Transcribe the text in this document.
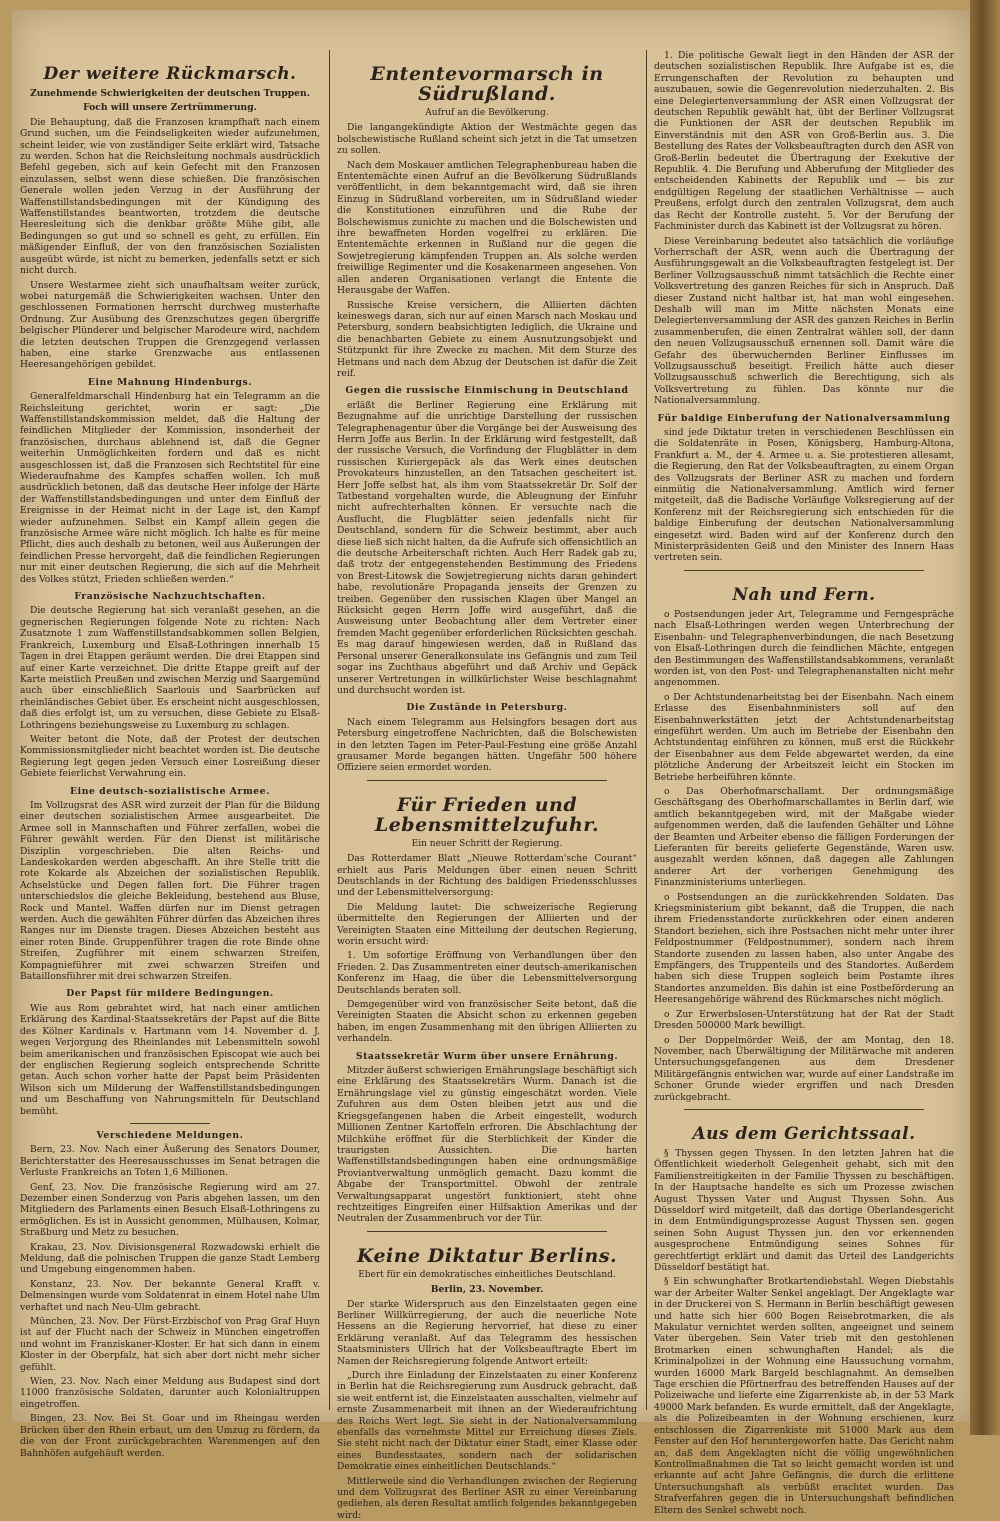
Der weitere Rückmarsch.
Zunehmende Schwierigkeiten der deutschen Truppen.
Foch will unsere Zertrümmerung.

Die Behauptung, daß die Franzosen krampfhaft nach einem Grund suchen, um die Feindseligkeiten wieder aufzunehmen, scheint leider, wie von zuständiger Seite erklärt wird, Tatsache zu werden. Schon hat die Reichsleitung nochmals ausdrücklich Befehl gegeben, sich auf kein Gefecht mit den Franzosen einzulassen, selbst wenn diese schießen. Die französischen Generale wollen jeden Verzug in der Ausführung der Waffenstillstandsbedingungen mit der Kündigung des Waffenstillstandes beantworten, trotzdem die deutsche Heeresleitung sich die denkbar größte Mühe gibt, alle Bedingungen so gut und so schnell es geht, zu erfüllen. Ein mäßigender Einfluß, der von den französischen Sozialisten ausgeübt würde, ist nicht zu bemerken, jedenfalls setzt er sich nicht durch.

Unsere Westarmee zieht sich unaufhaltsam weiter zurück, wobei naturgemäß die Schwierigkeiten wachsen. Unter den geschlossenen Formationen herrscht durchweg musterhafte Ordnung. Zur Ausübung des Grenzschutzes gegen übergriffe belgischer Plünderer und belgischer Marodeure wird, nachdem die letzten deutschen Truppen die Grenzgegend verlassen haben, eine starke Grenzwache aus entlassenen Heeresangehörigen gebildet.

Eine Mahnung Hindenburgs.

Generalfeldmarschall Hindenburg hat ein Telegramm an die Reichsleitung gerichtet, worin er sagt: „Die Waffenstillstandskommission meldet, daß die Haltung der feindlichen Mitglieder der Kommission, insonderheit der französischen, durchaus ablehnend ist, daß die Gegner weiterhin Unmöglichkeiten fordern und daß es nicht ausgeschlossen ist, daß die Franzosen sich Rechtstitel für eine Wiederaufnahme des Kampfes schaffen wollen. Ich muß ausdrücklich betonen, daß das deutsche Heer infolge der Härte der Waffenstillstandsbedingungen und unter dem Einfluß der Ereignisse in der Heimat nicht in der Lage ist, den Kampf wieder aufzunehmen. Selbst ein Kampf allein gegen die französische Armee wäre nicht möglich. Ich halte es für meine Pflicht, dies auch deshalb zu betonen, weil aus Äußerungen der feindlichen Presse hervorgeht, daß die feindlichen Regierungen nur mit einer deutschen Regierung, die sich auf die Mehrheit des Volkes stützt, Frieden schließen werden.“

Französische Nachzuchtschaften.

Die deutsche Regierung hat sich veranlaßt gesehen, an die gegnerischen Regierungen folgende Note zu richten: Nach Zusatznote 1 zum Waffenstillstandsabkommen sollen Belgien, Frankreich, Luxemburg und Elsaß-Lothringen innerhalb 15 Tagen in drei Etappen geräumt werden. Die drei Etappen sind auf einer Karte verzeichnet. Die dritte Etappe greift auf der Karte meistlich Preußen und zwischen Merzig und Saargemünd auch über einschließlich Saarlouis und Saarbrücken auf rheinländisches Gebiet über. Es erscheint nicht ausgeschlossen, daß dies erfolgt ist, um zu versuchen, diese Gebiete zu Elsaß-Lothringens beziehungsweise zu Luxemburg zu schlagen.

Weiter betont die Note, daß der Protest der deutschen Kommissionsmitglieder nicht beachtet worden ist. Die deutsche Regierung legt gegen jeden Versuch einer Losreißung dieser Gebiete feierlichst Verwahrung ein.

Eine deutsch-sozialistische Armee.

Im Vollzugsrat des ASR wird zurzeit der Plan für die Bildung einer deutschen sozialistischen Armee ausgearbeitet. Die Armee soll in Mannschaften und Führer zerfallen, wobei die Führer gewählt werden. Für den Dienst ist militärische Disziplin vorgeschrieben. Die alten Reichs- und Landeskokarden werden abgeschafft. An ihre Stelle tritt die rote Kokarde als Abzeichen der sozialistischen Republik. Achselstücke und Degen fallen fort. Die Führer tragen unterschiedslos die gleiche Bekleidung, bestehend aus Bluse, Rock und Mantel. Waffen dürfen nur im Dienst getragen werden. Auch die gewählten Führer dürfen das Abzeichen ihres Ranges nur im Dienste tragen. Dieses Abzeichen besteht aus einer roten Binde. Gruppenführer tragen die rote Binde ohne Streifen, Zugführer mit einem schwarzen Streifen, Kompagnieführer mit zwei schwarzen Streifen und Bataillonsführer mit drei schwarzen Streifen.

Der Papst für mildere Bedingungen.

Wie aus Rom gebrahtet wird, hat nach einer amtlichen Erklärung des Kardinal-Staatssekretärs der Papst auf die Bitte des Kölner Kardinals v. Hartmann vom 14. November d. J. wegen Verjorgung des Rheinlandes mit Lebensmitteln sowohl beim amerikanischen und französischen Episcopat wie auch bei der englischen Regierung sogleich entsprechende Schritte getan. Auch schon vorher hatte der Papst beim Präsidenten Wilson sich um Milderung der Waffenstillstandsbedingungen und um Beschaffung von Nahrungsmitteln für Deutschland bemüht.

Verschiedene Meldungen.

Bern, 23. Nov. Nach einer Äußerung des Senators Doumer, Berichterstatter des Heeresausschusses im Senat betragen die Verluste Frankreichs an Toten 1,6 Millionen.

Genf, 23. Nov. Die französische Regierung wird am 27. Dezember einen Sonderzug von Paris abgehen lassen, um den Mitgliedern des Parlaments einen Besuch Elsaß-Lothringens zu ermöglichen. Es ist in Aussicht genommen, Mülhausen, Kolmar, Straßburg und Metz zu besuchen.

Krakau, 23. Nov. Divisionsgeneral Rozwadowski erhielt die Meldung, daß die polnischen Truppen die ganze Stadt Lemberg und Umgebung eingenommen haben.

Konstanz, 23. Nov. Der bekannte General Krafft v. Delmensingen wurde vom Soldatenrat in einem Hotel nahe Ulm verhaftet und nach Neu-Ulm gebracht.

München, 23. Nov. Der Fürst-Erzbischof von Prag Graf Huyn ist auf der Flucht nach der Schweiz in München eingetroffen und wohnt im Franziskaner-Kloster. Er hat sich dann in einem Kloster in der Oberpfalz, hat sich aber dort nicht mehr sicher gefühlt.

Wien, 23. Nov. Nach einer Meldung aus Budapest sind dort 11000 französische Soldaten, darunter auch Kolonialtruppen eingetroffen.

Bingen, 23. Nov. Bei St. Goar und im Rheingau werden Brücken über den Rhein erbaut, um den Umzug zu fördern, da die von der Front zurückgebrachten Warenmengen auf den Bahnhöfen aufgehäuft werden.

Ententevormarsch in Südrußland.
Aufruf an die Bevölkerung.

Die langangekündigte Aktion der Westmächte gegen das bolschewistische Rußland scheint sich jetzt in die Tat umsetzen zu sollen.

Nach dem Moskauer amtlichen Telegraphenbureau haben die Ententemächte einen Aufruf an die Bevölkerung Südrußlands veröffentlicht, in dem bekanntgemacht wird, daß sie ihren Einzug in Südrußland vorbereiten, um in Südrußland wieder die Konstitutionen einzuführen und die Ruhe der Bolschewismus zunichte zu machen und die Bolschewisten und ihre bewaffneten Horden vogelfrei zu erklären. Die Ententemächte erkennen in Rußland nur die gegen die Sowjetregierung kämpfenden Truppen an. Als solche werden freiwillige Regimenter und die Kosakenarmeen angesehen. Von allen anderen Organisationen verlangt die Entente die Herausgabe der Waffen.

Russische Kreise versichern, die Alliierten dächten keineswegs daran, sich nur auf einen Marsch nach Moskau und Petersburg, sondern beabsichtigten lediglich, die Ukraine und die benachbarten Gebiete zu einem Ausnutzungsobjekt und Stützpunkt für ihre Zwecke zu machen. Mit dem Sturze des Hetmans und nach dem Abzug der Deutschen ist dafür die Zeit reif.

Gegen die russische Einmischung in Deutschland

erläßt die Berliner Regierung eine Erklärung mit Bezugnahme auf die unrichtige Darstellung der russischen Telegraphenagentur über die Vorgänge bei der Ausweisung des Herrn Joffe aus Berlin. In der Erklärung wird festgestellt, daß der russische Versuch, die Vorfindung der Flugblätter in dem russischen Kuriergepäck als das Werk eines deutschen Provokateurs hinzustellen, an den Tatsachen gescheitert ist. Herr Joffe selbst hat, als ihm vom Staatssekretär Dr. Solf der Tatbestand vorgehalten wurde, die Ableugnung der Einfuhr nicht aufrechterhalten können. Er versuchte nach die Ausflucht, die Flugblätter seien jedenfalls nicht für Deutschland, sondern für die Schweiz bestimmt, aber auch diese ließ sich nicht halten, da die Aufrufe sich offensichtlich an die deutsche Arbeiterschaft richten. Auch Herr Radek gab zu, daß trotz der entgegenstehenden Bestimmung des Friedens von Brest-Litowsk die Sowjetregierung nichts daran gehindert habe, revolutionäre Propaganda jenseits der Grenzen zu treiben. Gegenüber den russischen Klagen über Mangel an Rücksicht gegen Herrn Joffe wird ausgeführt, daß die Ausweisung unter Beobachtung aller dem Vertreter einer fremden Macht gegenüber erforderlichen Rücksichten geschah. Es mag darauf hingewiesen werden, daß in Rußland das Personal unserer Generalkonsulate ins Gefängnis und zum Teil sogar ins Zuchthaus abgeführt und daß Archiv und Gepäck unserer Vertretungen in willkürlichster Weise beschlagnahmt und durchsucht worden ist.

Die Zustände in Petersburg.

Nach einem Telegramm aus Helsingfors besagen dort aus Petersburg eingetroffene Nachrichten, daß die Bolschewisten in den letzten Tagen im Peter-Paul-Festung eine größe Anzahl grausamer Morde begangen hätten. Ungefähr 500 höhere Offiziere seien ermordet worden.

Für Frieden und Lebensmittelzufuhr.
Ein neuer Schritt der Regierung.

Das Rotterdamer Blatt „Nieuwe Rotterdam'sche Courant“ erhielt aus Paris Meldungen über einen neuen Schritt Deutschlands in der Richtung des baldigen Friedensschlusses und der Lebensmittelversorgung:

Die Meldung lautet: Die schweizerische Regierung übermittelte den Regierungen der Alliierten und der Vereinigten Staaten eine Mitteilung der deutschen Regierung, worin ersucht wird:

1. Um sofortige Eröffnung von Verhandlungen über den Frieden. 2. Das Zusammentreten einer deutsch-amerikanischen Konferenz im Haag, die über die Lebensmittelversorgung Deutschlands beraten soll.

Demgegenüber wird von französischer Seite betont, daß die Vereinigten Staaten die Absicht schon zu erkennen gegeben haben, im engen Zusammenhang mit den übrigen Alliierten zu verhandeln.

Staatssekretär Wurm über unsere Ernährung.

Mitzder äußerst schwierigen Ernährungslage beschäftigt sich eine Erklärung des Staatssekretärs Wurm. Danach ist die Ernährungslage viel zu günstig eingeschätzt worden. Viele Zufuhren aus dem Osten bleiben jetzt aus und die Kriegsgefangenen haben die Arbeit eingestellt, wodurch Millionen Zentner Kartoffeln erfroren. Die Abschlachtung der Milchkühe eröffnet für die Sterblichkeit der Kinder die traurigsten Aussichten. Die harten Waffenstillstandsbedingungen haben eine ordnungsmäßige Proviantverwaltung unmöglich gemacht. Dazu kommt die Abgabe der Transportmittel. Obwohl der zentrale Verwaltungsapparat ungestört funktioniert, steht ohne rechtzeitiges Eingreifen einer Hilfsaktion Amerikas und der Neutralen der Zusammenbruch vor der Tür.

Keine Diktatur Berlins.
Ebert für ein demokratisches einheitliches Deutschland.
Berlin, 23. November.

Der starke Widerspruch aus den Einzelstaaten gegen eine Berliner Willkürregierung, der auch die neuerliche Note Hessens an die Regierung hervorrief, hat diese zu einer Erklärung veranlaßt. Auf das Telegramm des hessischen Staatsministers Ullrich hat der Volksbeauftragte Ebert im Namen der Reichsregierung folgende Antwort erteilt:

„Durch ihre Einladung der Einzelstaaten zu einer Konferenz in Berlin hat die Reichsregierung zum Ausdruck gebracht, daß sie weit entfernt ist, die Einzelstaaten ausschalten, vielmehr auf ernste Zusammenarbeit mit ihnen an der Wiederaufrichtung des Reichs Wert legt. Sie sieht in der Nationalversammlung ebenfalls das vornehmste Mittel zur Erreichung dieses Ziels. Sie steht nicht nach der Diktatur einer Stadt, einer Klasse oder eines Bundesstaates, sondern nach der solidarischen Demokratie eines einheitlichen Deutschlands.“

Mittlerweile sind die Verhandlungen zwischen der Regierung und dem Vollzugsrat des Berliner ASR zu einer Vereinbarung gediehen, als deren Resultat amtlich folgendes bekanntgegeben wird:

1. Die politische Gewalt liegt in den Händen der ASR der deutschen sozialistischen Republik. Ihre Aufgabe ist es, die Errungenschaften der Revolution zu behaupten und auszubauen, sowie die Gegenrevolution niederzuhalten. 2. Bis eine Delegiertenversammlung der ASR einen Vollzugsrat der deutschen Republik gewählt hat, übt der Berliner Vollzugsrat die Funktionen der ASR der deutschen Republik im Einverständnis mit den ASR von Groß-Berlin aus. 3. Die Bestellung des Rates der Volksbeauftragten durch den ASR von Groß-Berlin bedeutet die Übertragung der Exekutive der Republik. 4. Die Berufung und Abberufung der Mitglieder des entscheidenden Kabinetts der Republik und — bis zur endgültigen Regelung der staatlichen Verhältnisse — auch Preußens, erfolgt durch den zentralen Vollzugsrat, dem auch das Recht der Kontrolle zusteht. 5. Vor der Berufung der Fachminister durch das Kabinett ist der Vollzugsrat zu hören.

Diese Vereinbarung bedeutet also tatsächlich die vorläufige Vorherrschaft der ASR, wenn auch die Übertragung der Ausführungsgewalt an die Volksbeauftragten festgelegt ist. Der Berliner Vollzugsausschuß nimmt tatsächlich die Rechte einer Volksvertretung des ganzen Reiches für sich in Anspruch. Daß dieser Zustand nicht haltbar ist, hat man wohl eingesehen. Deshalb will man im Mitte nächsten Monats eine Delegiertenversammlung der ASR des ganzen Reiches in Berlin zusammenberufen, die einen Zentralrat wählen soll, der dann den neuen Vollzugsausschuß ernennen soll. Damit wäre die Gefahr des überwuchernden Berliner Einflusses im Vollzugsausschuß beseitigt. Freilich hätte auch dieser Vollzugsausschuß schwerlich die Berechtigung, sich als Volksvertretung zu fühlen. Das könnte nur die Nationalversammlung.

Für baldige Einberufung der Nationalversammlung

sind jede Diktatur treten in verschiedenen Beschlüssen ein die Soldatenräte in Posen, Königsberg, Hamburg-Altona, Frankfurt a. M., der 4. Armee u. a. Sie protestieren allesamt, die Regierung, den Rat der Volksbeauftragten, zu einem Organ des Vollzugsrats der Berliner ASR zu machen und fordern einmütig die Nationalversammlung. Amtlich wird ferner mitgeteilt, daß die Badische Vorläufige Volksregierung auf der Konferenz mit der Reichsregierung sich entschieden für die baldige Einberufung der deutschen Nationalversammlung eingesetzt wird. Baden wird auf der Konferenz durch den Ministerpräsidenten Geiß und den Minister des Innern Haas vertreten sein.

Nah und Fern.

o Postsendungen jeder Art, Telegramme und Ferngespräche nach Elsaß-Lothringen werden wegen Unterbrechung der Eisenbahn- und Telegraphenverbindungen, die nach Besetzung von Elsaß-Lothringen durch die feindlichen Mächte, entgegen den Bestimmungen des Waffenstillstandsabkommens, veranlaßt worden ist, von den Post- und Telegraphenanstalten nicht mehr angenommen.

o Der Achtstundenarbeitstag bei der Eisenbahn. Nach einem Erlasse des Eisenbahnministers soll auf den Eisenbahnwerkstätten jetzt der Achtstundenarbeitstag eingeführt werden. Um auch im Betriebe der Eisenbahn den Achtstundentag einführen zu können, muß erst die Rückkehr der Eisenbahner aus dem Felde abgewartet werden, da eine plötzliche Änderung der Arbeitszeit leicht ein Stocken im Betriebe herbeiführen könnte.

o Das Oberhofmarschallamt. Der ordnungsmäßige Geschäftsgang des Oberhofmarschallamtes in Berlin darf, wie amtlich bekanntgegeben wird, mit der Maßgabe wieder aufgenommen werden, daß die laufenden Gehälter und Löhne der Beamten und Arbeiter ebenso die fälligen Forderungen der Lieferanten für bereits gelieferte Gegenstände, Waren usw. ausgezahlt werden können, daß dagegen alle Zahlungen anderer Art der vorherigen Genehmigung des Finanzministeriums unterliegen.

o Postsendungen an die zurückkehrenden Soldaten. Das Kriegsministerium gibt bekannt, daß die Truppen, die nach ihrem Friedensstandorte zurückkehren oder einen anderen Standort beziehen, sich ihre Postsachen nicht mehr unter ihrer Feldpostnummer (Feldpostnummer), sondern nach ihrem Standorte zusenden zu lassen haben, also unter Angabe des Empfängers, des Truppenteils und des Standortes. Außerdem haben sich diese Truppen sogleich beim Postamte ihres Standortes anzumelden. Bis dahin ist eine Postbeförderung an Heeresangehörige während des Rückmarsches nicht möglich.

o Zur Erwerbslosen-Unterstützung hat der Rat der Stadt Dresden 500000 Mark bewilligt.

o Der Doppelmörder Weiß, der am Montag, den 18. November, nach Überwältigung der Militärwache mit anderen Untersuchungsgefangenen aus dem Dresdener Militärgefängnis entwichen war, wurde auf einer Landstraße im Schoner Grunde wieder ergriffen und nach Dresden zurückgebracht.

Aus dem Gerichtssaal.

§ Thyssen gegen Thyssen. In den letzten Jahren hat die Öffentlichkeit wiederholt Gelegenheit gehabt, sich mit den Familienstreitigkeiten in der Familie Thyssen zu beschäftigen. In der Hauptsache handelte es sich um Prozesse zwischen August Thyssen Vater und August Thyssen Sohn. Aus Düsseldorf wird mitgeteilt, daß das dortige Oberlandesgericht in dem Entmündigungsprozesse August Thyssen sen. gegen seinen Sohn August Thyssen jun. den vor erkennenden ausgesprochene Entmündigung seines Sohnes für gerechtfertigt erklärt und damit das Urteil des Landgerichts Düsseldorf bestätigt hat.

§ Ein schwunghafter Brotkartendiebstahl. Wegen Diebstahls war der Arbeiter Walter Senkel angeklagt. Der Angeklagte war in der Druckerei von S. Hermann in Berlin beschäftigt gewesen und hatte sich hier 600 Bogen Reisebrotmarken, die als Makulatur vernichtet werden sollten, angeeignet und seinem Vater übergeben. Sein Vater trieb mit den gestohlenen Brotmarken einen schwunghaften Handel; als die Kriminalpolizei in der Wohnung eine Haussuchung vornahm, wurden 16000 Mark Bargeld beschlagnahmt. An demselben Tage erschien die Pförtnerfrau des betreffenden Hauses auf der Polizeiwache und lieferte eine Zigarrenkiste ab, in der 53 Mark 49000 Mark befanden. Es wurde ermittelt, daß der Angeklagte, als die Polizeibeamten in der Wohnung erschienen, kurz entschlossen die Zigarrenkiste mit 51000 Mark aus dem Fenster auf den Hof heruntergeworfen hatte. Das Gericht nahm an, daß dem Angeklagten nicht die völlig ungewöhnlichen Kontrollmaßnahmen die Tat so leicht gemacht worden ist und erkannte auf acht Jahre Gefängnis, die durch die erlittene Untersuchungshaft als verbüßt erachtet wurden. Das Strafverfahren gegen die in Untersuchungshaft befindlichen Eltern des Senkel schwebt noch.
